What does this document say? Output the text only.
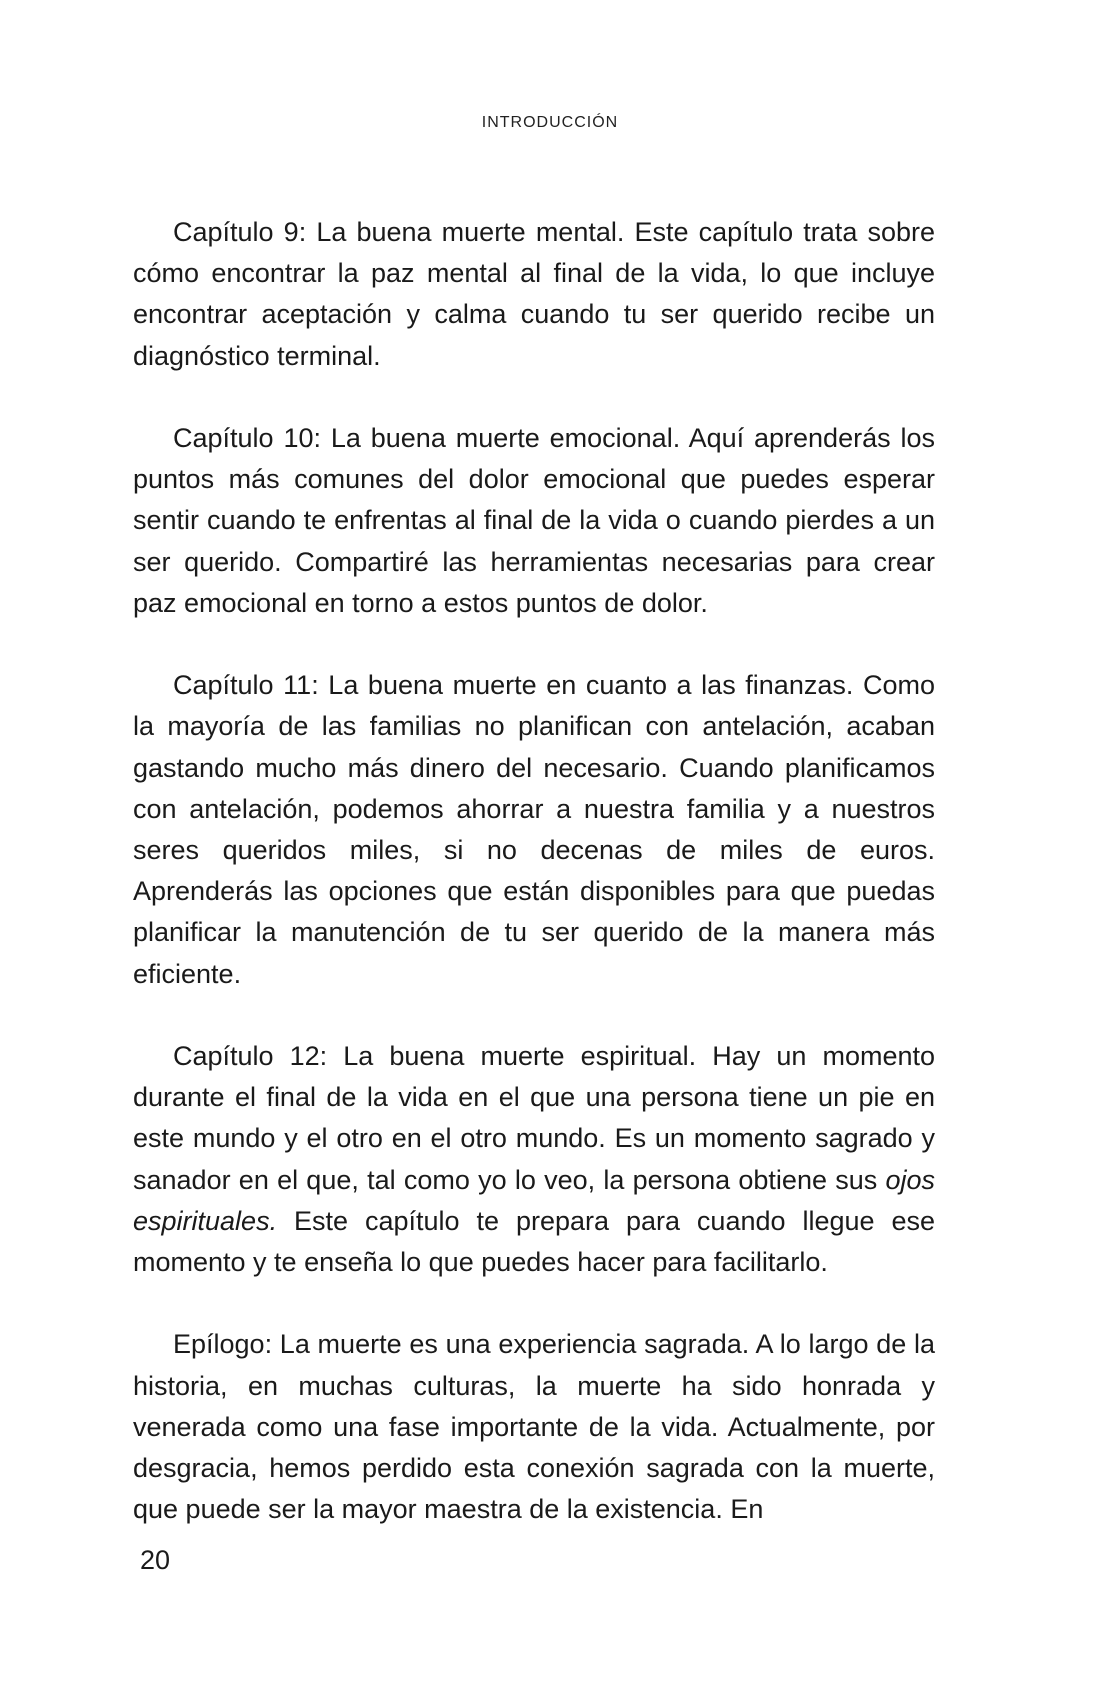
INTRODUCCIÓN

Capítulo 9: La buena muerte mental. Este capítulo trata sobre cómo encontrar la paz mental al final de la vida, lo que incluye encontrar aceptación y calma cuando tu ser querido recibe un diagnóstico terminal.

Capítulo 10: La buena muerte emocional. Aquí aprenderás los puntos más comunes del dolor emocional que puedes esperar sentir cuando te enfrentas al final de la vida o cuando pierdes a un ser querido. Compartiré las herramientas necesarias para crear paz emocional en torno a estos puntos de dolor.

Capítulo 11: La buena muerte en cuanto a las finanzas. Como la mayoría de las familias no planifican con antelación, acaban gastando mucho más dinero del necesario. Cuando planificamos con antelación, podemos ahorrar a nuestra familia y a nuestros seres queridos miles, si no decenas de miles de euros. Aprenderás las opciones que están disponibles para que puedas planificar la manutención de tu ser querido de la manera más eficiente.

Capítulo 12: La buena muerte espiritual. Hay un momento durante el final de la vida en el que una persona tiene un pie en este mundo y el otro en el otro mundo. Es un momento sagrado y sanador en el que, tal como yo lo veo, la persona obtiene sus ojos espirituales. Este capítulo te prepara para cuando llegue ese momento y te enseña lo que puedes hacer para facilitarlo.

Epílogo: La muerte es una experiencia sagrada. A lo largo de la historia, en muchas culturas, la muerte ha sido honrada y venerada como una fase importante de la vida. Actualmente, por desgracia, hemos perdido esta conexión sagrada con la muerte, que puede ser la mayor maestra de la existencia. En

20
